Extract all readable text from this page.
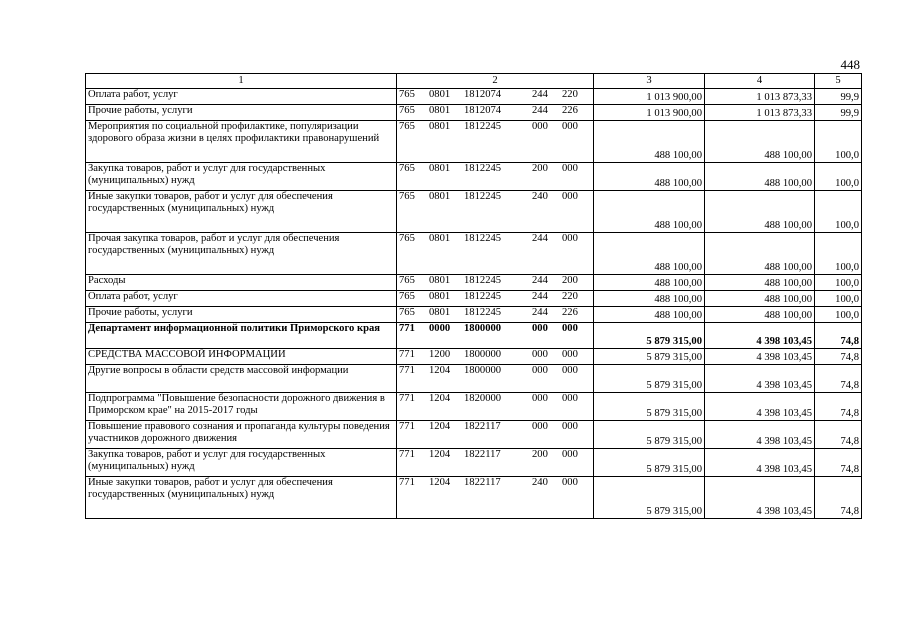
448
1	2	3	4	5
Оплата работ, услуг	765 0801 1812074 244 220	1 013 900,00	1 013 873,33	99,9
Прочие работы, услуги	765 0801 1812074 244 226	1 013 900,00	1 013 873,33	99,9
Мероприятия по социальной профилактике, популяризации здорового образа жизни в целях профилактики правонарушений	765 0801 1812245 000 000	488 100,00	488 100,00	100,0
Закупка товаров, работ и услуг для государственных (муниципальных) нужд	765 0801 1812245 200 000	488 100,00	488 100,00	100,0
Иные закупки товаров, работ и услуг для обеспечения государственных (муниципальных) нужд	765 0801 1812245 240 000	488 100,00	488 100,00	100,0
Прочая закупка товаров, работ и услуг для обеспечения государственных (муниципальных) нужд	765 0801 1812245 244 000	488 100,00	488 100,00	100,0
Расходы	765 0801 1812245 244 200	488 100,00	488 100,00	100,0
Оплата работ, услуг	765 0801 1812245 244 220	488 100,00	488 100,00	100,0
Прочие работы, услуги	765 0801 1812245 244 226	488 100,00	488 100,00	100,0
Департамент информационной политики Приморского края	771 0000 1800000 000 000	5 879 315,00	4 398 103,45	74,8
СРЕДСТВА МАССОВОЙ ИНФОРМАЦИИ	771 1200 1800000 000 000	5 879 315,00	4 398 103,45	74,8
Другие вопросы в области средств массовой информации	771 1204 1800000 000 000	5 879 315,00	4 398 103,45	74,8
Подпрограмма "Повышение безопасности дорожного движения в Приморском крае" на 2015-2017 годы	771 1204 1820000 000 000	5 879 315,00	4 398 103,45	74,8
Повышение правового сознания и пропаганда культуры поведения участников дорожного движения	771 1204 1822117 000 000	5 879 315,00	4 398 103,45	74,8
Закупка товаров, работ и услуг для государственных (муниципальных) нужд	771 1204 1822117 200 000	5 879 315,00	4 398 103,45	74,8
Иные закупки товаров, работ и услуг для обеспечения государственных (муниципальных) нужд	771 1204 1822117 240 000	5 879 315,00	4 398 103,45	74,8
